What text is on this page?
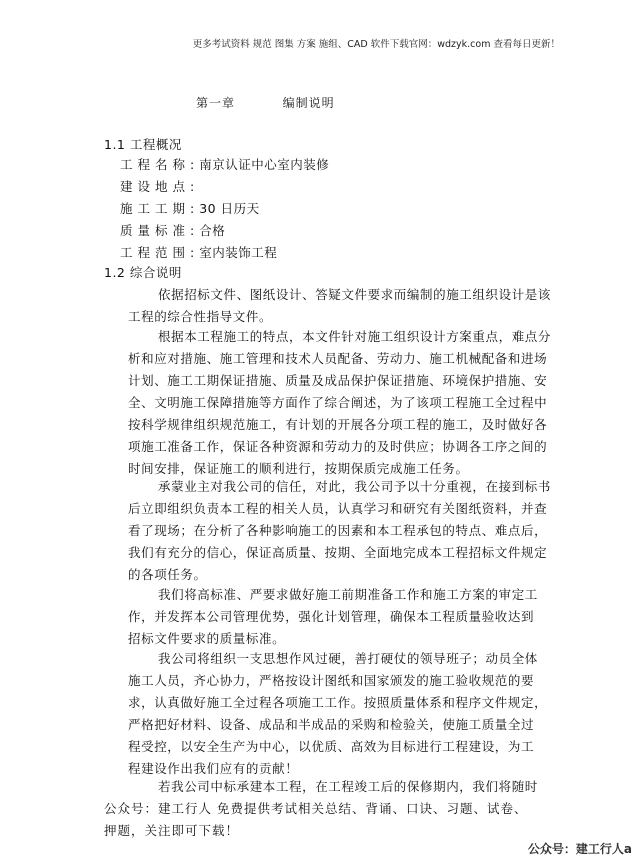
更多考试资料 规范 图集 方案 施组、CAD 软件下载官网：wdzyk.com 查看每日更新！
第一章	编制说明
1.1 工程概况
工程名称:南京认证中心室内装修
建设地点:
施工工期:30 日历天
质量标准:合格
工程范围:室内装饰工程
1.2 综合说明
依据招标文件、图纸设计、答疑文件要求而编制的施工组织设计是该
工程的综合性指导文件。
根据本工程施工的特点，本文件针对施工组织设计方案重点，难点分
析和应对措施、施工管理和技术人员配备、劳动力、施工机械配备和进场
计划、施工工期保证措施、质量及成品保护保证措施、环境保护措施、安
全、文明施工保障措施等方面作了综合阐述，为了该项工程施工全过程中
按科学规律组织规范施工，有计划的开展各分项工程的施工，及时做好各
项施工准备工作，保证各种资源和劳动力的及时供应；协调各工序之间的
时间安排，保证施工的顺利进行，按期保质完成施工任务。
承蒙业主对我公司的信任，对此，我公司予以十分重视，在接到标书
后立即组织负责本工程的相关人员，认真学习和研究有关图纸资料，并查
看了现场；在分析了各种影响施工的因素和本工程承包的特点、难点后，
我们有充分的信心，保证高质量、按期、全面地完成本工程招标文件规定
的各项任务。
我们将高标准、严要求做好施工前期准备工作和施工方案的审定工
作，并发挥本公司管理优势，强化计划管理，确保本工程质量验收达到
招标文件要求的质量标准。
我公司将组织一支思想作风过硬，善打硬仗的领导班子；动员全体
施工人员，齐心协力，严格按设计图纸和国家颁发的施工验收规范的要
求，认真做好施工全过程各项施工工作。按照质量体系和程序文件规定，
严格把好材料、设备、成品和半成品的采购和检验关，使施工质量全过
程受控，以安全生产为中心，以优质、高效为目标进行工程建设，为工
程建设作出我们应有的贡献！
若我公司中标承建本工程，在工程竣工后的保修期内，我们将随时
公众号：建工行人 免费提供考试相关总结、背诵、口诀、习题、试卷、
押题，关注即可下载！
公众号：建工行人a
